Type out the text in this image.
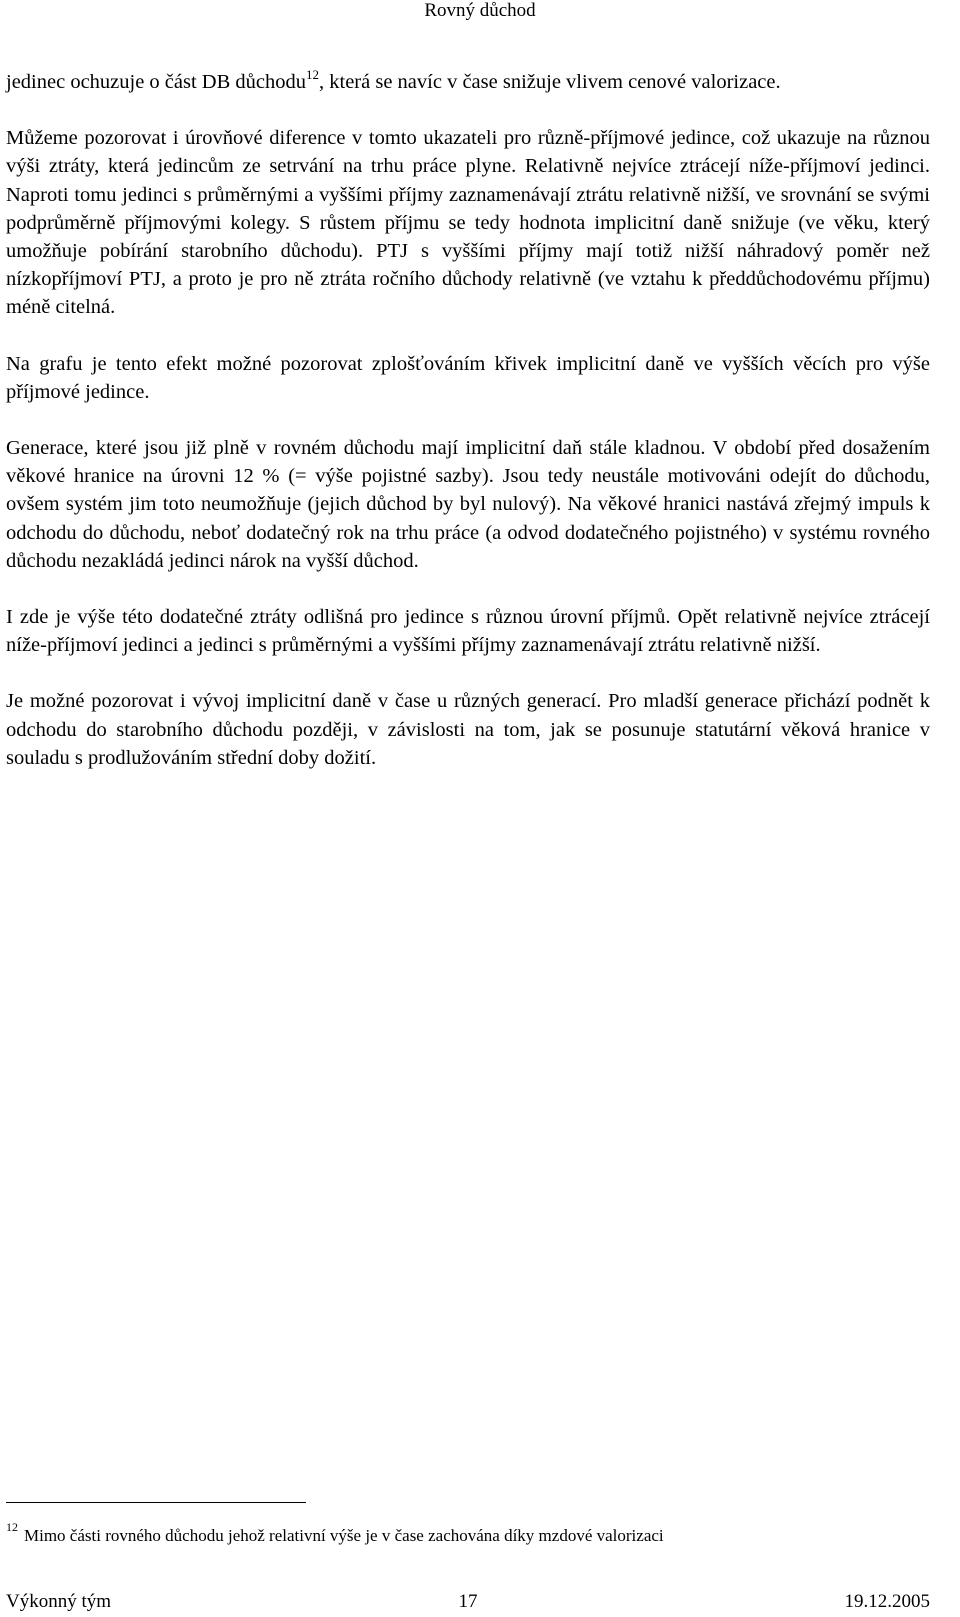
Rovný důchod

jedinec ochuzuje o část DB důchodu$^{12}$, která se navíc v čase snižuje vlivem cenové valorizace.

Můžeme pozorovat i úrovňové diference v tomto ukazateli pro různě-příjmové jedince, což ukazuje na různou výši ztráty, která jedincům ze setrvání na trhu práce plyne. Relativně nejvíce ztrácejí níže-příjmoví jedinci. Naproti tomu jedinci s průměrnými a vyššími příjmy zaznamenávají ztrátu relativně nižší, ve srovnání se svými podprůměrně příjmovými kolegy. S růstem příjmu se tedy hodnota implicitní daně snižuje (ve věku, který umožňuje pobírání starobního důchodu). PTJ s vyššími příjmy mají totiž nižší náhradový poměr než nízkopříjmoví PTJ, a proto je pro ně ztráta ročního důchody relativně (ve vztahu k předdůchodovému příjmu) méně citelná.

Na grafu je tento efekt možné pozorovat zplošťováním křivek implicitní daně ve vyšších věcích pro výše příjmové jedince.

Generace, které jsou již plně v rovném důchodu mají implicitní daň stále kladnou. V období před dosažením věkové hranice na úrovni 12 % (= výše pojistné sazby). Jsou tedy neustále motivováni odejít do důchodu, ovšem systém jim toto neumožňuje (jejich důchod by byl nulový). Na věkové hranici nastává zřejmý impuls k odchodu do důchodu, neboť dodatečný rok na trhu práce (a odvod dodatečného pojistného) v systému rovného důchodu nezakládá jedinci nárok na vyšší důchod.

I zde je výše této dodatečné ztráty odlišná pro jedince s různou úrovní příjmů. Opět relativně nejvíce ztrácejí níže-příjmoví jedinci a jedinci s průměrnými a vyššími příjmy zaznamenávají ztrátu relativně nižší.

Je možné pozorovat i vývoj implicitní daně v čase u různých generací. Pro mladší generace přichází podnět k odchodu do starobního důchodu později, v závislosti na tom, jak se posunuje statutární věková hranice v souladu s prodlužováním střední doby dožití.

$^{12}$ Mimo části rovného důchodu jehož relativní výše je v čase zachována díky mzdové valorizaci
Výkonný tým	17	19.12.2005
